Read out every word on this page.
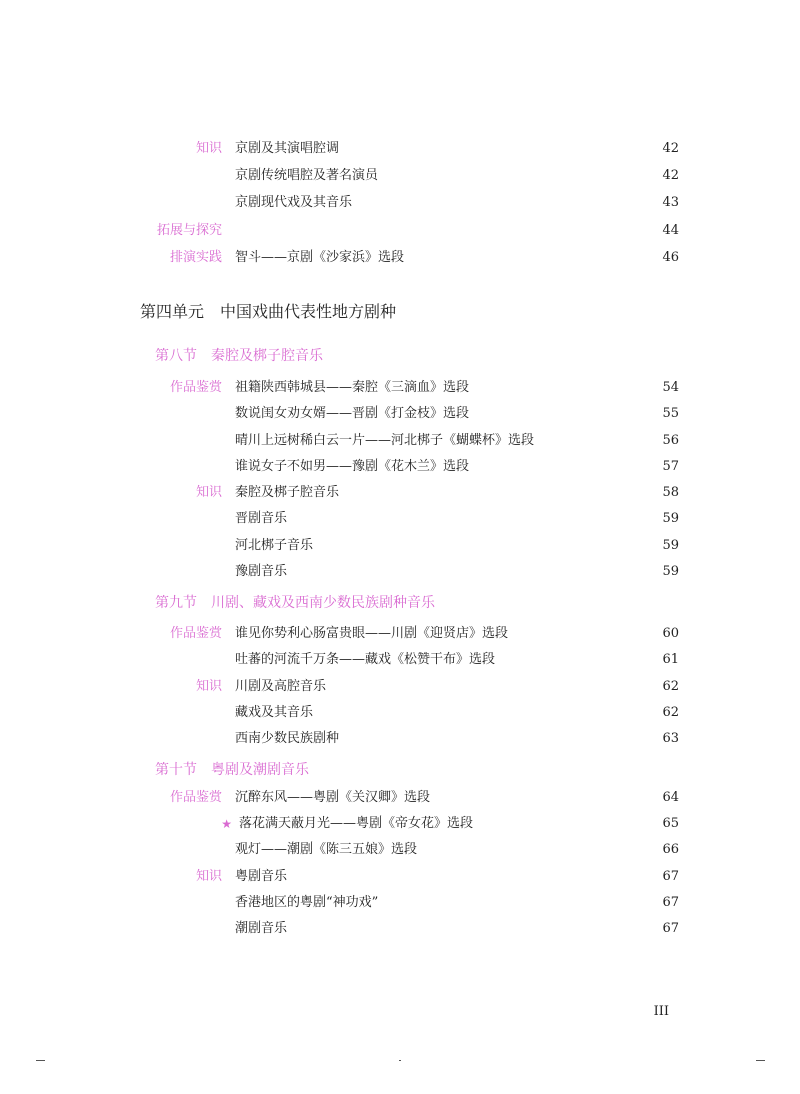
知识 京剧及其演唱腔调	42
京剧传统唱腔及著名演员	42
京剧现代戏及其音乐	43
拓展与探究	44
排演实践 智斗——京剧《沙家浜》选段	46
第四单元　中国戏曲代表性地方剧种
第八节　秦腔及梆子腔音乐
作品鉴赏 祖籍陕西韩城县——秦腔《三滴血》选段	54
数说闺女劝女婿——晋剧《打金枝》选段	55
晴川上远树稀白云一片——河北梆子《蝴蝶杯》选段	56
谁说女子不如男——豫剧《花木兰》选段	57
知识 秦腔及梆子腔音乐	58
晋剧音乐	59
河北梆子音乐	59
豫剧音乐	59
第九节　川剧、藏戏及西南少数民族剧种音乐
作品鉴赏 谁见你势利心肠富贵眼——川剧《迎贤店》选段	60
吐蕃的河流千万条——藏戏《松赞干布》选段	61
知识 川剧及高腔音乐	62
藏戏及其音乐	62
西南少数民族剧种	63
第十节　粤剧及潮剧音乐
作品鉴赏 沉醉东风——粤剧《关汉卿》选段	64
★ 落花满天蔽月光——粤剧《帝女花》选段	65
观灯——潮剧《陈三五娘》选段	66
知识 粤剧音乐	67
香港地区的粤剧“神功戏”	67
潮剧音乐	67
III
